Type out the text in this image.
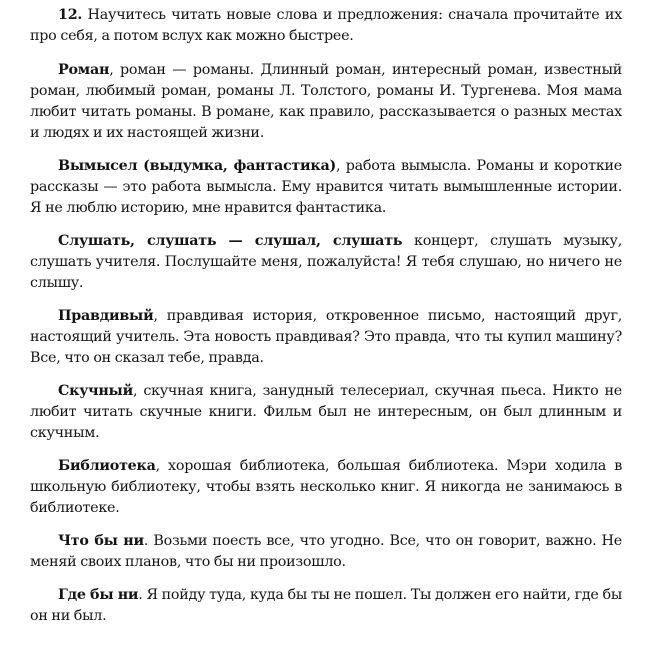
12. Научитесь читать новые слова и предложения: сначала прочитайте их про себя, а потом вслух как можно быстрее.

Роман, роман — романы. Длинный роман, интересный роман, известный роман, любимый роман, романы Л. Толстого, романы И. Тургенева. Моя мама любит читать романы. В романе, как правило, рассказывается о разных местах и людях и их настоящей жизни.

Вымысел (выдумка, фантастика), работа вымысла. Романы и короткие рассказы — это работа вымысла. Ему нравится читать вымышленные истории. Я не люблю историю, мне нравится фантастика.

Слушать, слушать — слушал, слушать концерт, слушать музыку, слушать учителя. Послушайте меня, пожалуйста! Я тебя слушаю, но ничего не слышу.

Правдивый, правдивая история, откровенное письмо, настоящий друг, настоящий учитель. Эта новость правдивая? Это правда, что ты купил машину? Все, что он сказал тебе, правда.

Скучный, скучная книга, занудный телесериал, скучная пьеса. Никто не любит читать скучные книги. Фильм был не интересным, он был длинным и скучным.

Библиотека, хорошая библиотека, большая библиотека. Мэри ходила в школьную библиотеку, чтобы взять несколько книг. Я никогда не занимаюсь в библиотеке.

Что бы ни. Возьми поесть все, что угодно. Все, что он говорит, важно. Не меняй своих планов, что бы ни произошло.

Где бы ни. Я пойду туда, куда бы ты не пошел. Ты должен его найти, где бы он ни был.
